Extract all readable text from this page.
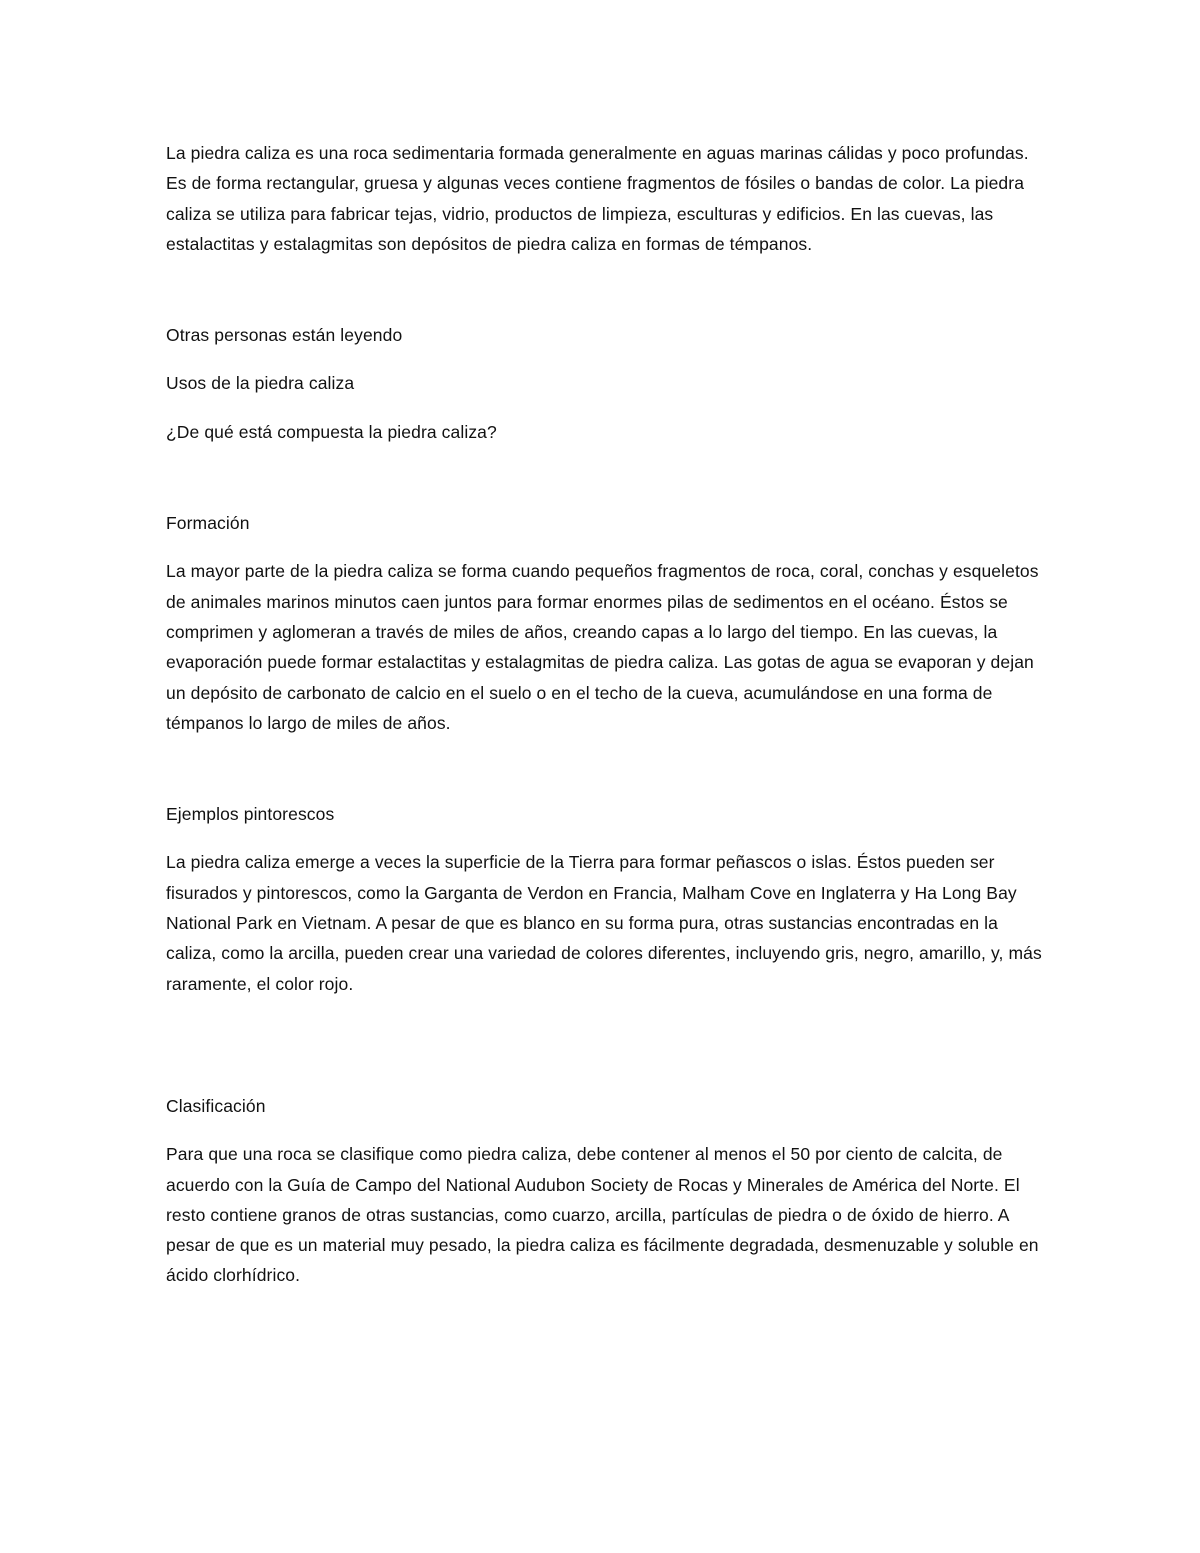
La piedra caliza es una roca sedimentaria formada generalmente en aguas marinas cálidas y poco profundas. Es de forma rectangular, gruesa y algunas veces contiene fragmentos de fósiles o bandas de color. La piedra caliza se utiliza para fabricar tejas, vidrio, productos de limpieza, esculturas y edificios. En las cuevas, las estalactitas y estalagmitas son depósitos de piedra caliza en formas de témpanos.

Otras personas están leyendo

Usos de la piedra caliza

¿De qué está compuesta la piedra caliza?

Formación

La mayor parte de la piedra caliza se forma cuando pequeños fragmentos de roca, coral, conchas y esqueletos de animales marinos minutos caen juntos para formar enormes pilas de sedimentos en el océano. Éstos se comprimen y aglomeran a través de miles de años, creando capas a lo largo del tiempo. En las cuevas, la evaporación puede formar estalactitas y estalagmitas de piedra caliza. Las gotas de agua se evaporan y dejan un depósito de carbonato de calcio en el suelo o en el techo de la cueva, acumulándose en una forma de témpanos lo largo de miles de años.

Ejemplos pintorescos

La piedra caliza emerge a veces la superficie de la Tierra para formar peñascos o islas. Éstos pueden ser fisurados y pintorescos, como la Garganta de Verdon en Francia, Malham Cove en Inglaterra y Ha Long Bay National Park en Vietnam. A pesar de que es blanco en su forma pura, otras sustancias encontradas en la caliza, como la arcilla, pueden crear una variedad de colores diferentes, incluyendo gris, negro, amarillo, y, más raramente, el color rojo.

Clasificación

Para que una roca se clasifique como piedra caliza, debe contener al menos el 50 por ciento de calcita, de acuerdo con la Guía de Campo del National Audubon Society de Rocas y Minerales de América del Norte. El resto contiene granos de otras sustancias, como cuarzo, arcilla, partículas de piedra o de óxido de hierro. A pesar de que es un material muy pesado, la piedra caliza es fácilmente degradada, desmenuzable y soluble en ácido clorhídrico.
